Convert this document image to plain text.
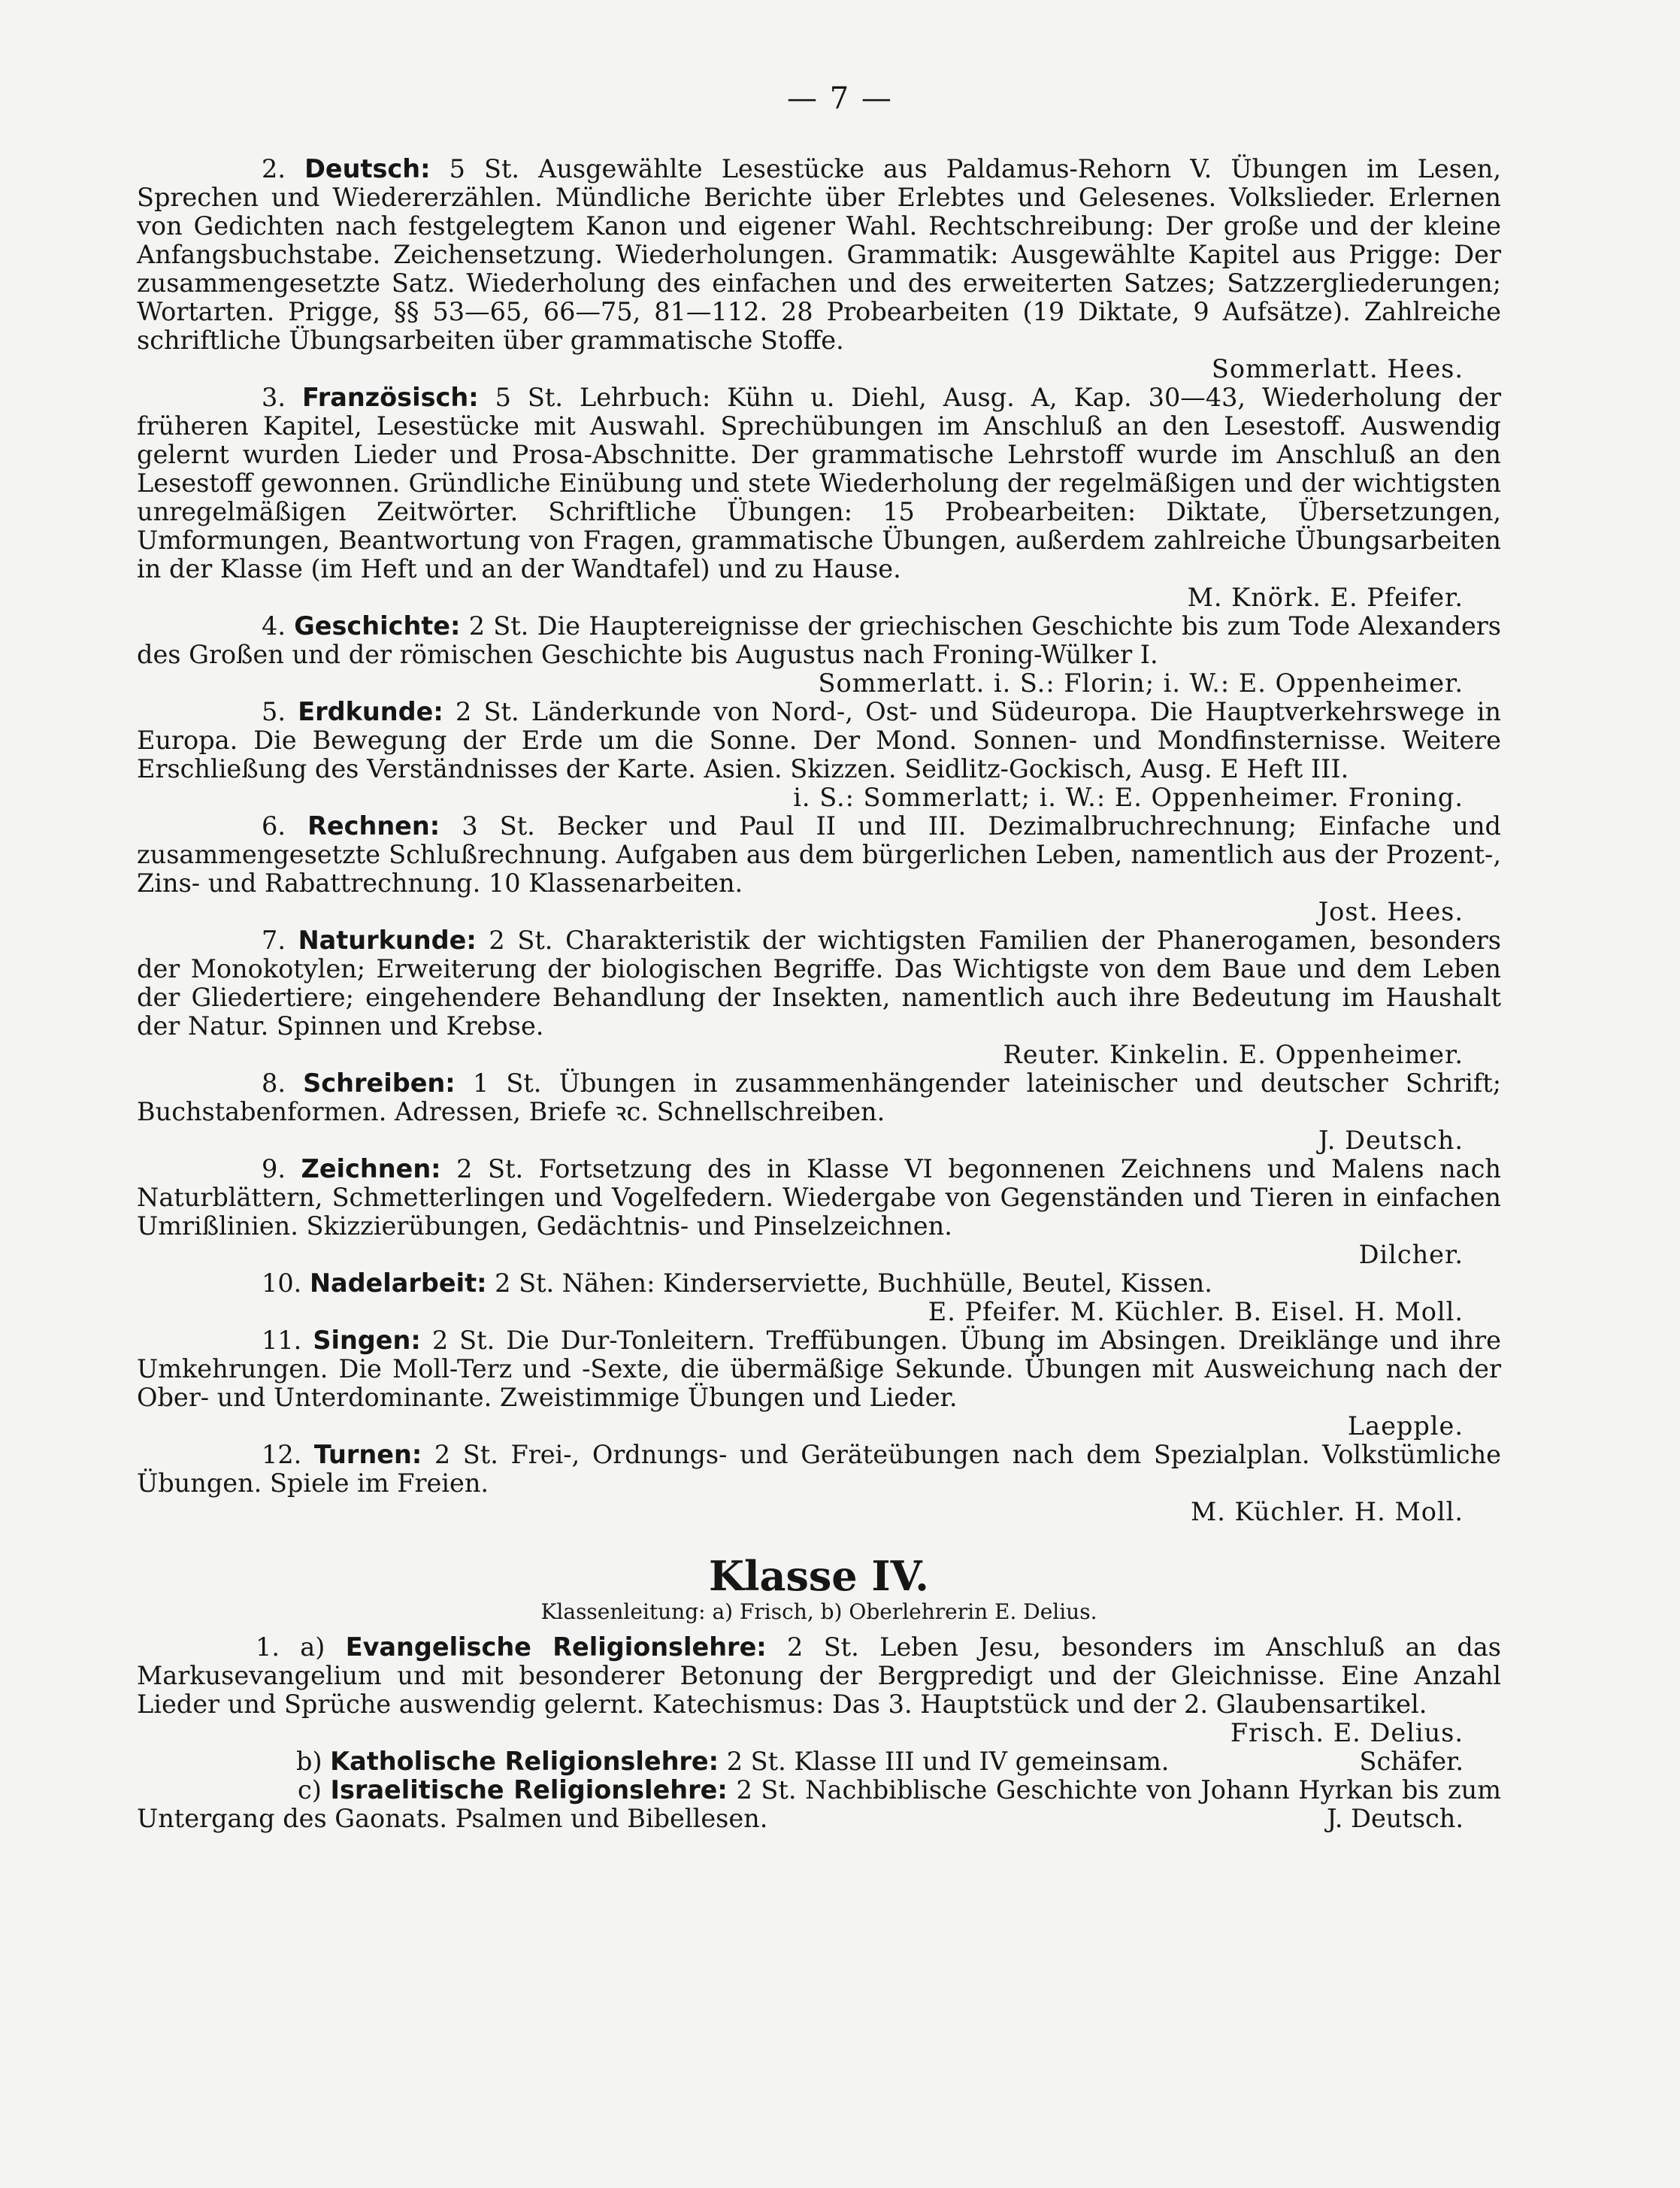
— 7 —
2. Deutsch: 5 St. Ausgewählte Lesestücke aus Paldamus-Rehorn V. Übungen im Lesen, Sprechen und Wiedererzählen. Mündliche Berichte über Erlebtes und Gelesenes. Volkslieder. Erlernen von Gedichten nach festgelegtem Kanon und eigener Wahl. Rechtschreibung: Der große und der kleine Anfangsbuchstabe. Zeichensetzung. Wiederholungen. Grammatik: Ausgewählte Kapitel aus Prigge: Der zusammengesetzte Satz. Wiederholung des einfachen und des erweiterten Satzes; Satzzergliederungen; Wortarten. Prigge, §§ 53—65, 66—75, 81—112. 28 Probearbeiten (19 Diktate, 9 Aufsätze). Zahlreiche schriftliche Übungsarbeiten über grammatische Stoffe.
Sommerlatt. Hees.
3. Französisch: 5 St. Lehrbuch: Kühn u. Diehl, Ausg. A, Kap. 30—43, Wiederholung der früheren Kapitel, Lesestücke mit Auswahl. Sprechübungen im Anschluß an den Lesestoff. Auswendig gelernt wurden Lieder und Prosa-Abschnitte. Der grammatische Lehrstoff wurde im Anschluß an den Lesestoff gewonnen. Gründliche Einübung und stete Wiederholung der regelmäßigen und der wichtigsten unregelmäßigen Zeitwörter. Schriftliche Übungen: 15 Probearbeiten: Diktate, Übersetzungen, Umformungen, Beantwortung von Fragen, grammatische Übungen, außerdem zahlreiche Übungsarbeiten in der Klasse (im Heft und an der Wandtafel) und zu Hause.
M. Knörk. E. Pfeifer.
4. Geschichte: 2 St. Die Hauptereignisse der griechischen Geschichte bis zum Tode Alexanders des Großen und der römischen Geschichte bis Augustus nach Froning-Wülker I.
Sommerlatt. i. S.: Florin; i. W.: E. Oppenheimer.
5. Erdkunde: 2 St. Länderkunde von Nord-, Ost- und Südeuropa. Die Hauptverkehrswege in Europa. Die Bewegung der Erde um die Sonne. Der Mond. Sonnen- und Mondfinsternisse. Weitere Erschließung des Verständnisses der Karte. Asien. Skizzen. Seidlitz-Gockisch, Ausg. E Heft III.
i. S.: Sommerlatt; i. W.: E. Oppenheimer. Froning.
6. Rechnen: 3 St. Becker und Paul II und III. Dezimalbruchrechnung; Einfache und zusammengesetzte Schlußrechnung. Aufgaben aus dem bürgerlichen Leben, namentlich aus der Prozent-, Zins- und Rabattrechnung. 10 Klassenarbeiten.
Jost. Hees.
7. Naturkunde: 2 St. Charakteristik der wichtigsten Familien der Phanerogamen, besonders der Monokotylen; Erweiterung der biologischen Begriffe. Das Wichtigste von dem Baue und dem Leben der Gliedertiere; eingehendere Behandlung der Insekten, namentlich auch ihre Bedeutung im Haushalt der Natur. Spinnen und Krebse.
Reuter. Kinkelin. E. Oppenheimer.
8. Schreiben: 1 St. Übungen in zusammenhängender lateinischer und deutscher Schrift; Buchstabenformen. Adressen, Briefe ꝛc. Schnellschreiben.
J. Deutsch.
9. Zeichnen: 2 St. Fortsetzung des in Klasse VI begonnenen Zeichnens und Malens nach Naturblättern, Schmetterlingen und Vogelfedern. Wiedergabe von Gegenständen und Tieren in einfachen Umrißlinien. Skizzierübungen, Gedächtnis- und Pinselzeichnen.
Dilcher.
10. Nadelarbeit: 2 St. Nähen: Kinderserviette, Buchhülle, Beutel, Kissen.
E. Pfeifer. M. Küchler. B. Eisel. H. Moll.
11. Singen: 2 St. Die Dur-Tonleitern. Treffübungen. Übung im Absingen. Dreiklänge und ihre Umkehrungen. Die Moll-Terz und -Sexte, die übermäßige Sekunde. Übungen mit Ausweichung nach der Ober- und Unterdominante. Zweistimmige Übungen und Lieder.
Laepple.
12. Turnen: 2 St. Frei-, Ordnungs- und Geräteübungen nach dem Spezialplan. Volkstümliche Übungen. Spiele im Freien.
M. Küchler. H. Moll.
Klasse IV.
Klassenleitung: a) Frisch, b) Oberlehrerin E. Delius.
1. a) Evangelische Religionslehre: 2 St. Leben Jesu, besonders im Anschluß an das Markusevangelium und mit besonderer Betonung der Bergpredigt und der Gleichnisse. Eine Anzahl Lieder und Sprüche auswendig gelernt. Katechismus: Das 3. Hauptstück und der 2. Glaubensartikel.
Frisch. E. Delius.
b) Katholische Religionslehre: 2 St. Klasse III und IV gemeinsam.	Schäfer.
c) Israelitische Religionslehre: 2 St. Nachbiblische Geschichte von Johann Hyrkan bis zum Untergang des Gaonats. Psalmen und Bibellesen.	J. Deutsch.
